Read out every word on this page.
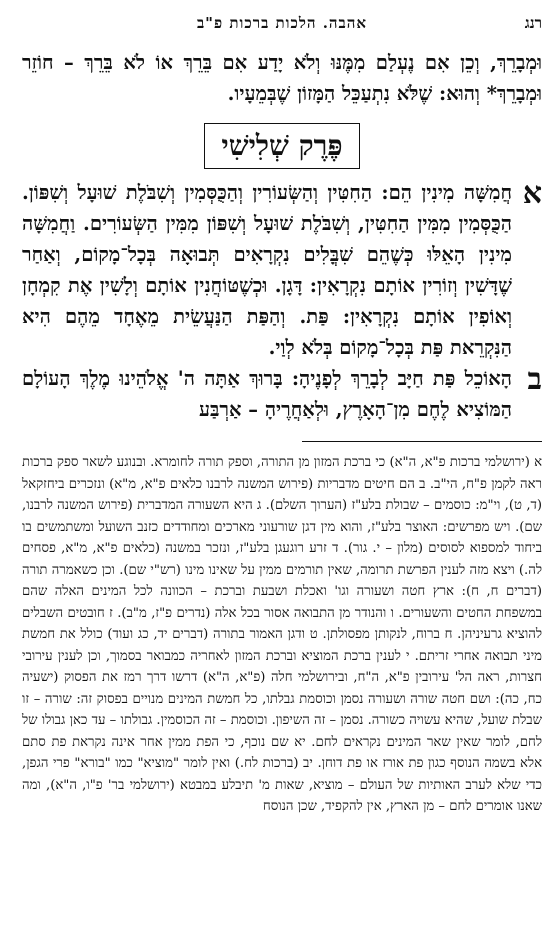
רנג
אהבה. הלכות ברכות פ"ב

וּמְבָרֵךְ, וְכֵן אִם נֶעְלַם מִמֶּנּוּ וְלֹא יָדַע אִם בֵּרֵךְ אוֹ לֹא בֵּרֵךְ – חוֹזֵר וּמְבָרֵךְ* וְהוּא: שֶׁלֹּא נִתְעַכֵּל הַמָּזוֹן שֶׁבְּמֵעָיו.

פֶּרֶק שְׁלִישִׁי

א
חֲמִשָּׁה מִינִין הֵם: הַחִטִּין וְהַשְּׂעוֹרִין וְהַכֻּסְּמִין וְשִׁבֹּלֶת שׁוּעָל וְשִׁפּוֹן. הַכֻּסְּמִין מִמִּין הַחִטִּין, וְשִׁבֹּלֶת שׁוּעָל וְשִׁפּוֹן מִמִּין הַשְּׂעוֹרִים. וַחֲמִשָּׁה מִינִין הָאֵלּוּ כְּשֶׁהֵם שִׁבֳּלִים נִקְרָאִים תְּבוּאָה בְּכָל־מָקוֹם, וְאַחַר שֶׁדָּשִׁין וְזוֹרִין אוֹתָם נִקְרָאִין: דָּגָן. וּכְשֶׁטּוֹחֲנִין אוֹתָם וְלָשִׁין אֶת קִמְחָן וְאוֹפִין אוֹתָם נִקְרָאִין: פַּת. וְהַפַּת הַנַּעֲשֵׂית מֵאֶחָד מֵהֶם הִיא הַנִּקְרֵאת פַּת בְּכָל־מָקוֹם בְּלֹא לְוַי.

ב
הָאוֹכֵל פַּת חַיָּב לְבָרֵךְ לְפָנֶיהָ: בָּרוּךְ אַתָּה ה' אֱלֹהֵינוּ מֶלֶךְ הָעוֹלָם הַמּוֹצִיא לֶחֶם מִן־הָאָרֶץ, וּלְאַחֲרֶיהָ – אַרְבַּע

א (ירושלמי ברכות פ"א, ה"א) כי ברכת המזון מן התורה, וספק תורה לחומרא. ובנוגע לשאר ספק ברכות ראה לקמן פ"ח, הי"ב. ב הם חיטים מדבריות (פירוש המשנה לרבנו כלאים פ"א, מ"א) ונזכרים ביחזקאל (ד, ט), וי"מ: כוסמים – שבולת בלע"ז (הערוך השלם). ג היא השעורה המדברית (פירוש המשנה לרבנו, שם). ויש מפרשים: האוצר בלע"ז, והוא מין דגן שורעוני מארכים ומחודדים כזנב השועל ומשתמשים בו ביחוד למספוא לסוסים (מלון – י. גור). ד זרע רוגעגן בלע"ז, ונזכר במשנה (כלאים פ"א, מ"א, פסחים לה.) ויצא מזה לענין הפרשת תרומה, שאין תורמים ממין על שאינו מינו (רש"י שם). וכן כשאמרה תורה (דברים ח, ח): ארץ חטה ושעורה וגו' ואכלת ושבעת וברכת – הכוונה לכל המינים האלה שהם במשפחת החטים והשעורים. ו והנודר מן התבואה אסור בכל אלה (נדרים פ"ז, מ"ב). ז חובטים השבלים להוציא גרעיניהן. ח ברוח, לנקותן מפסולתן. ט ודגן האמור בתורה (דברים יד, כג ועוד) כולל את חמשת מיני תבואה אחרי זריתם. י לענין ברכת המוציא וברכת המזון לאחריה כמבואר בסמוך, וכן לענין עירובי חצרות, ראה הל' עירובין פ"א, ה"ח, ובירושלמי חלה (פ"א, ה"א) דרשו דרך רמז את הפסוק (ישעיה כח, כה): ושם חטה שורה ושעורה נסמן וכוסמת גבלתו, כל חמשת המינים מנויים בפסוק זה: שורה – זו שבלת שועל, שהיא עשויה כשורה. נסמן – זה השיפון. וכוסמת – זה הכוסמין. גבולתו – עד כאן גבולו של לחם, לומר שאין שאר המינים נקראים לחם. יא שם נוכף, כי הפת ממין אחר אינה נקראת פת סתם אלא בשמה הנוסף כגון פת אורז או פת דוחן. יב (ברכות לח.) ואין לומר "מוציא" כמו "בורא" פרי הגפן, כדי שלא לערב האותיות של העולם – מוציא, שאות מ' תיבלע במבטא (ירושלמי בר' פ"ו, ה"א), ומה שאנו אומרים לחם – מן הארץ, אין להקפיד, שכן הנוסח
